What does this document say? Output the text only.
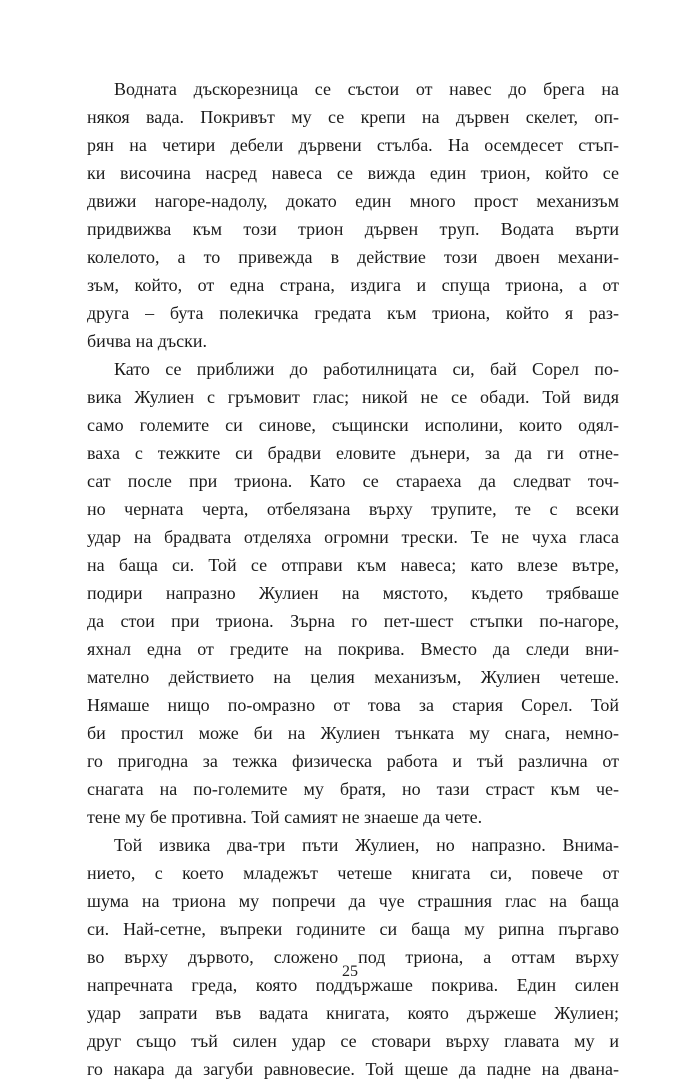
Водната дъскорезница се състои от навес до брега на
някоя вада. Покривът му се крепи на дървен скелет, оп-
рян на четири дебели дървени стълба. На осемдесет стъп-
ки височина насред навеса се вижда един трион, който се
движи нагоре-надолу, докато един много прост механизъм
придвижва към този трион дървен труп. Водата върти
колелото, а то привежда в действие този двоен механи-
зъм, който, от една страна, издига и спуща триона, а от
друга – бута полекичка гредата към триона, който я раз-
бичва на дъски.
Като се приближи до работилницата си, бай Сорел по-
вика Жулиен с гръмовит глас; никой не се обади. Той видя
само големите си синове, същински исполини, които одял-
ваха с тежките си брадви еловите дънери, за да ги отне-
сат после при триона. Като се стараеха да следват точ-
но черната черта, отбелязана върху трупите, те с всеки
удар на брадвата отделяха огромни трески. Те не чуха гласа
на баща си. Той се отправи към навеса; като влезе вътре,
подири напразно Жулиен на мястото, където трябваше
да стои при триона. Зърна го пет-шест стъпки по-нагоре,
яхнал една от гредите на покрива. Вместо да следи вни-
мателно действието на целия механизъм, Жулиен четеше.
Нямаше нищо по-омразно от това за стария Сорел. Той
би простил може би на Жулиен тънката му снага, немно-
го пригодна за тежка физическа работа и тъй различна от
снагата на по-големите му братя, но тази страст към че-
тене му бе противна. Той самият не знаеше да чете.
Той извика два-три пъти Жулиен, но напразно. Внима-
нието, с което младежът четеше книгата си, повече от
шума на триона му попречи да чуе страшния глас на баща
си. Най-сетне, въпреки годините си баща му рипна пъргаво
во върху дървото, сложено под триона, а оттам върху
напречната греда, която поддържаше покрива. Един силен
удар запрати във вадата книгата, която държеше Жулиен;
друг също тъй силен удар се стовари върху главата му и
го накара да загуби равновесие. Той щеше да падне на двана-
25
